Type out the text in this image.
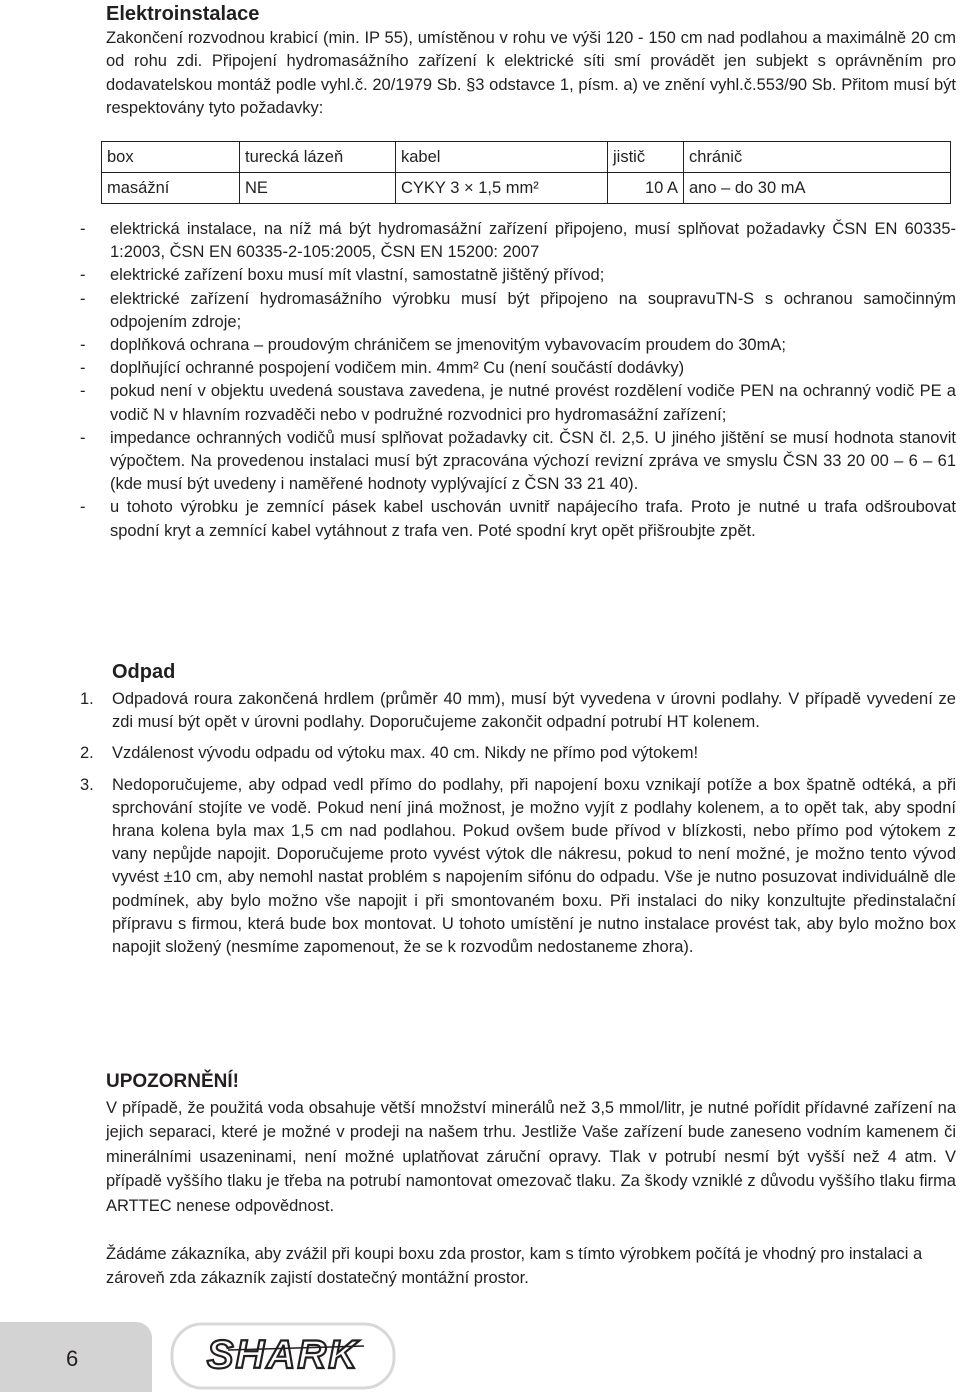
Elektroinstalace

Zakončení rozvodnou krabicí (min. IP 55), umístěnou v rohu ve výši 120 - 150 cm nad podlahou a maximálně 20 cm od rohu zdi. Připojení hydromasážního zařízení k elektrické síti smí provádět jen subjekt s oprávněním pro dodavatelskou montáž podle vyhl.č. 20/1979 Sb. §3 odstavce 1, písm. a) ve znění vyhl.č.553/90 Sb. Přitom musí být respektovány tyto požadavky:

box	turecká lázeň	kabel	jistič	chránič
masážní	NE	CYKY 3 × 1,5 mm²	10 A	ano – do 30 mA
-	elektrická instalace, na níž má být hydromasážní zařízení připojeno, musí splňovat požadavky ČSN EN 60335-1:2003, ČSN EN 60335-2-105:2005, ČSN EN 15200: 2007
-	elektrické zařízení boxu musí mít vlastní, samostatně jištěný přívod;
-	elektrické zařízení hydromasážního výrobku musí být připojeno na soupravuTN-S s ochranou samočinným odpojením zdroje;
-	doplňková ochrana – proudovým chráničem se jmenovitým vybavovacím proudem do 30mA;
-	doplňující ochranné pospojení vodičem min. 4mm² Cu (není součástí dodávky)
-	pokud není v objektu uvedená soustava zavedena, je nutné provést rozdělení vodiče PEN na ochranný vodič PE a vodič N v hlavním rozvaděči nebo v podružné rozvodnici pro hydromasážní zařízení;
-	impedance ochranných vodičů musí splňovat požadavky cit. ČSN čl. 2,5. U jiného jištění se musí hodnota stanovit výpočtem. Na provedenou instalaci musí být zpracována výchozí revizní zpráva ve smyslu ČSN 33 20 00 – 6 – 61 (kde musí být uvedeny i naměřené hodnoty vyplývající z ČSN 33 21 40).
-	u tohoto výrobku je zemnící pásek kabel uschován uvnitř napájecího trafa. Proto je nutné u trafa odšroubovat spodní kryt a zemnící kabel vytáhnout z trafa ven. Poté spodní kryt opět přišroubjte zpět.
Odpad
1.	Odpadová roura zakončená hrdlem (průměr 40 mm), musí být vyvedena v úrovni podlahy. V případě vyvedení ze zdi musí být opět v úrovni podlahy. Doporučujeme zakončit odpadní potrubí HT kolenem.
2.	Vzdálenost vývodu odpadu od výtoku max. 40 cm. Nikdy ne přímo pod výtokem!
3.	Nedoporučujeme, aby odpad vedl přímo do podlahy, při napojení boxu vznikají potíže a box špatně odtéká, a při sprchování stojíte ve vodě. Pokud není jiná možnost, je možno vyjít z podlahy kolenem, a to opět tak, aby spodní hrana kolena byla max 1,5 cm nad podlahou. Pokud ovšem bude přívod v blízkosti, nebo přímo pod výtokem z vany nepůjde napojit. Doporučujeme proto vyvést výtok dle nákresu, pokud to není možné, je možno tento vývod vyvést ±10 cm, aby nemohl nastat problém s napojením sifónu do odpadu. Vše je nutno posuzovat individuálně dle podmínek, aby bylo možno vše napojit i při smontovaném boxu. Při instalaci do niky konzultujte předinstalační přípravu s firmou, která bude box montovat. U tohoto umístění je nutno instalace provést tak, aby bylo možno box napojit složený (nesmíme zapomenout, že se k rozvodům nedostaneme zhora).
UPOZORNĚNÍ!

V případě, že použitá voda obsahuje větší množství minerálů než 3,5 mmol/litr, je nutné pořídit přídavné zařízení na jejich separaci, které je možné v prodeji na našem trhu. Jestliže Vaše zařízení bude zaneseno vodním kamenem či minerálními usazeninami, není možné uplatňovat záruční opravy. Tlak v potrubí nesmí být vyšší než 4 atm. V případě vyššího tlaku je třeba na potrubí namontovat omezovač tlaku. Za škody vzniklé z důvodu vyššího tlaku firma ARTTEC nenese odpovědnost.

Žádáme zákazníka, aby zvážil při koupi boxu zda prostor, kam s tímto výrobkem počítá je vhodný pro instalaci a zároveň zda zákazník zajistí dostatečný montážní prostor.

6	SHARK
